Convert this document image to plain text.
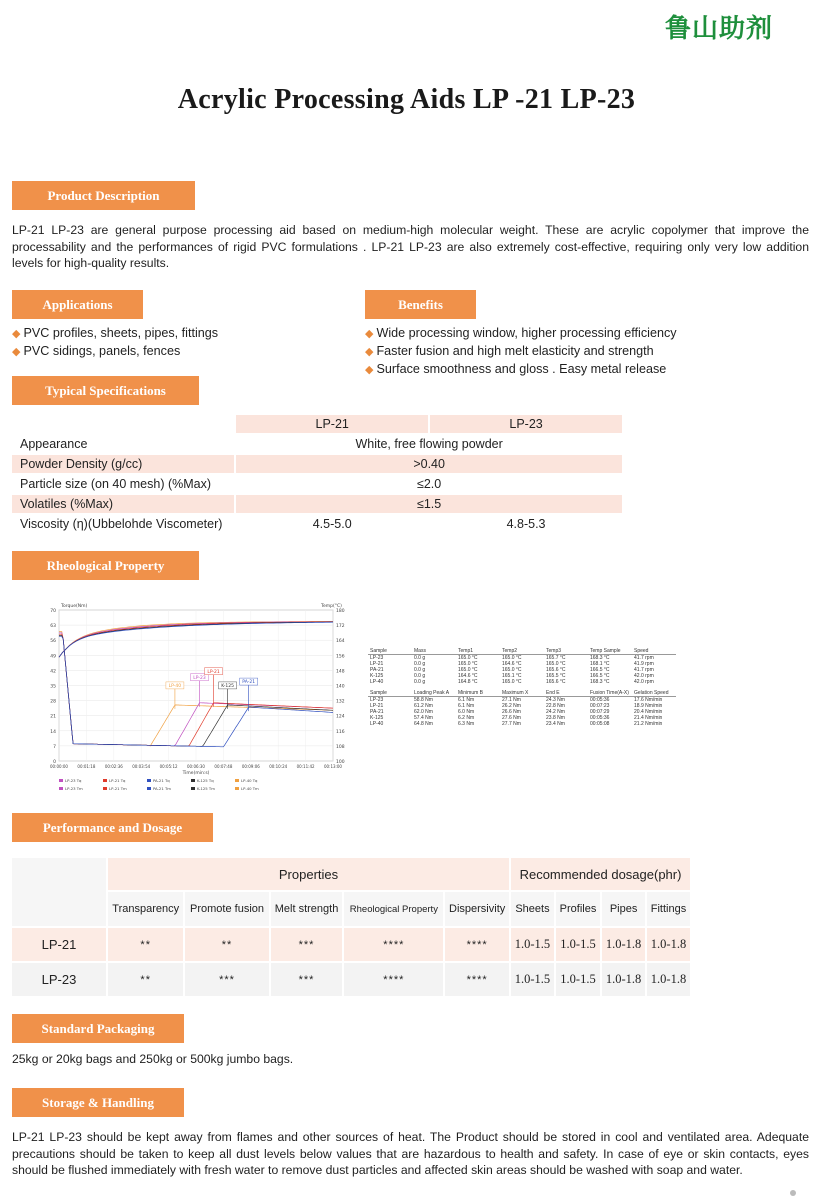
鲁山助剂
Acrylic Processing Aids LP -21 LP-23
Product Description
LP-21 LP-23 are general purpose processing aid based on medium-high molecular weight. These are acrylic copolymer that improve the processability and the performances of rigid PVC formulations . LP-21 LP-23 are also extremely cost-effective, requiring only very low addition levels for high-quality results.
Applications	Benefits
◆ PVC profiles, sheets, pipes, fittings
◆ PVC sidings, panels, fences
◆ Wide processing window, higher processing efficiency
◆ Faster fusion and high melt elasticity and strength
◆ Surface smoothness and gloss . Easy metal release
Typical Specifications
	LP-21	LP-23
Appearance	White, free flowing powder	
Powder Density (g/cc)	>0.40	
Particle size (on 40 mesh) (%Max)	≤2.0	
Volatiles (%Max)	≤1.5	
Viscosity (η)(Ubbelohde Viscometer)	4.5-5.0	4.8-5.3
Rheological Property
70
63
56
49
42
35
28
21
14
7
0
180
172
164
156
148
140
132
124
116
108
100
00:00:00 00:01:18 00:02:36 00:03:54 00:05:12 00:06:30 00:07:48 00:09:06 00:10:24 00:11:42 00:13:00
Torque(Nm)	Temp(°C)
Time(min:s)
LP-40
LP-23
LP-21
K-125
PA-21
LP-23 Tq	LP-21 Tq	PA-21 Tq	K-125 Tq	LP-40 Tq
LP-23 Tm	LP-21 Tm	PA-21 Tm	K-125 Tm	LP-40 Tm
Sample	Mass	Temp1	Temp2	Temp3	Temp Sample	Speed
LP-23	0.0 g	165.0 °C	165.0 °C	165.7 °C	168.3 °C	41.7 rpm
LP-21	0.0 g	165.0 °C	164.6 °C	165.0 °C	168.1 °C	41.9 rpm
PA-21	0.0 g	165.0 °C	165.0 °C	165.6 °C	166.5 °C	41.7 rpm
K-125	0.0 g	164.6 °C	165.1 °C	165.5 °C	166.5 °C	42.0 rpm
LP-40	0.0 g	164.8 °C	165.0 °C	165.6 °C	168.3 °C	42.0 rpm
Sample	Loading Peak A	Minimum B	Maximum X	End E	Fusion Time(A-X)	Gelation Speed
LP-23	58.8 Nm	6.1 Nm	27.1 Nm	24.3 Nm	00:05:36	17.6 Nm/min
LP-21	61.2 Nm	6.1 Nm	26.2 Nm	22.8 Nm	00:07:23	18.9 Nm/min
PA-21	62.0 Nm	6.0 Nm	26.6 Nm	24.2 Nm	00:07:29	20.4 Nm/min
K-125	57.4 Nm	6.2 Nm	27.6 Nm	23.8 Nm	00:05:36	21.4 Nm/min
LP-40	64.8 Nm	6.3 Nm	27.7 Nm	23.4 Nm	00:05:08	21.2 Nm/min
Performance and Dosage
	Properties					Recommended dosage(phr)			
	Transparency	Promote fusion	Melt strength	Rheological Property	Dispersivity	Sheets	Profiles	Pipes	Fittings
LP-21	**	**	***	****	****	1.0-1.5	1.0-1.5	1.0-1.8	1.0-1.8
LP-23	**	***	***	****	****	1.0-1.5	1.0-1.5	1.0-1.8	1.0-1.8
Standard Packaging
25kg or 20kg bags and 250kg or 500kg jumbo bags.
Storage & Handling
LP-21 LP-23 should be kept away from flames and other sources of heat. The Product should be stored in cool and ventilated area. Adequate precautions should be taken to keep all dust levels below values that are hazardous to health and safety. In case of eye or skin contacts, eyes should be flushed immediately with fresh water to remove dust particles and affected skin areas should be washed with soap and water.
